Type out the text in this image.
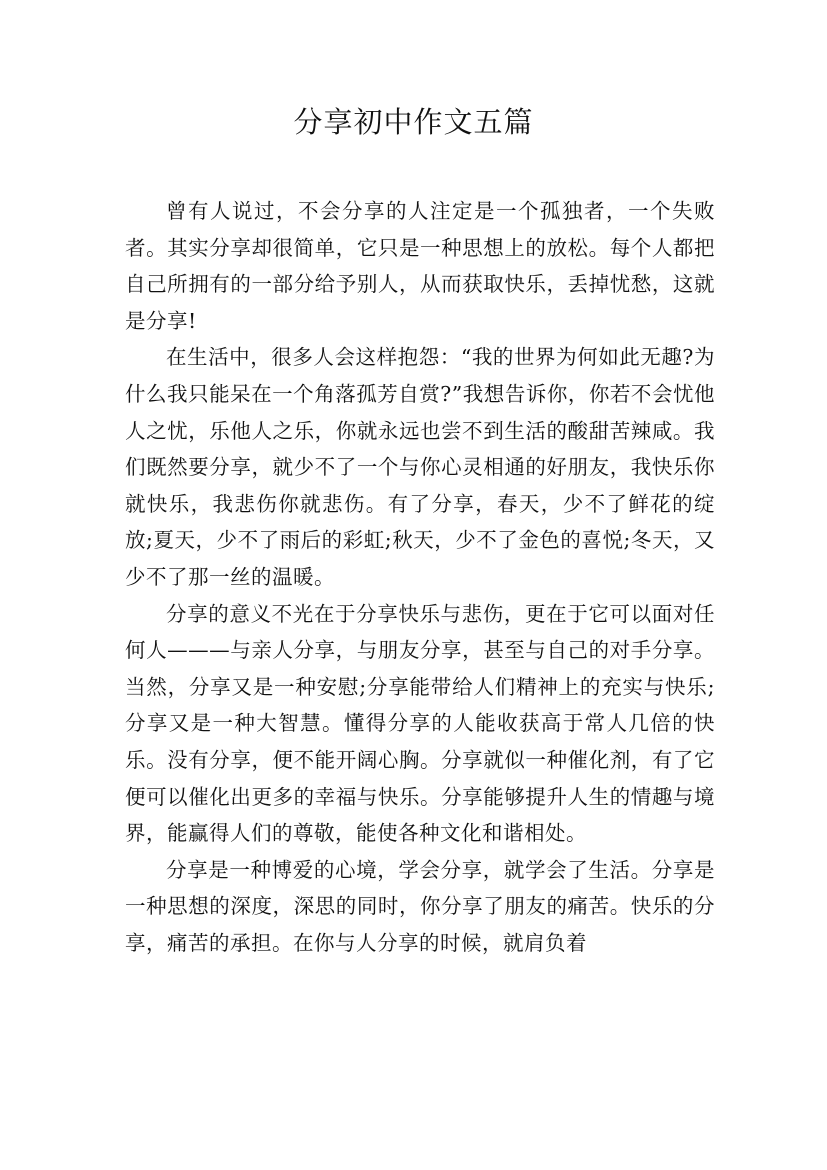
分享初中作文五篇

曾有人说过，不会分享的人注定是一个孤独者，一个失败者。其实分享却很简单，它只是一种思想上的放松。每个人都把自己所拥有的一部分给予别人，从而获取快乐，丢掉忧愁，这就是分享!

在生活中，很多人会这样抱怨：“我的世界为何如此无趣?为什么我只能呆在一个角落孤芳自赏?”我想告诉你，你若不会忧他人之忧，乐他人之乐，你就永远也尝不到生活的酸甜苦辣咸。我们既然要分享，就少不了一个与你心灵相通的好朋友，我快乐你就快乐，我悲伤你就悲伤。有了分享，春天，少不了鲜花的绽放;夏天，少不了雨后的彩虹;秋天，少不了金色的喜悦;冬天，又少不了那一丝的温暖。

分享的意义不光在于分享快乐与悲伤，更在于它可以面对任何人———与亲人分享，与朋友分享，甚至与自己的对手分享。当然，分享又是一种安慰;分享能带给人们精神上的充实与快乐;分享又是一种大智慧。懂得分享的人能收获高于常人几倍的快乐。没有分享，便不能开阔心胸。分享就似一种催化剂，有了它便可以催化出更多的幸福与快乐。分享能够提升人生的情趣与境界，能赢得人们的尊敬，能使各种文化和谐相处。

分享是一种博爱的心境，学会分享，就学会了生活。分享是一种思想的深度，深思的同时，你分享了朋友的痛苦。快乐的分享，痛苦的承担。在你与人分享的时候，就肩负着
